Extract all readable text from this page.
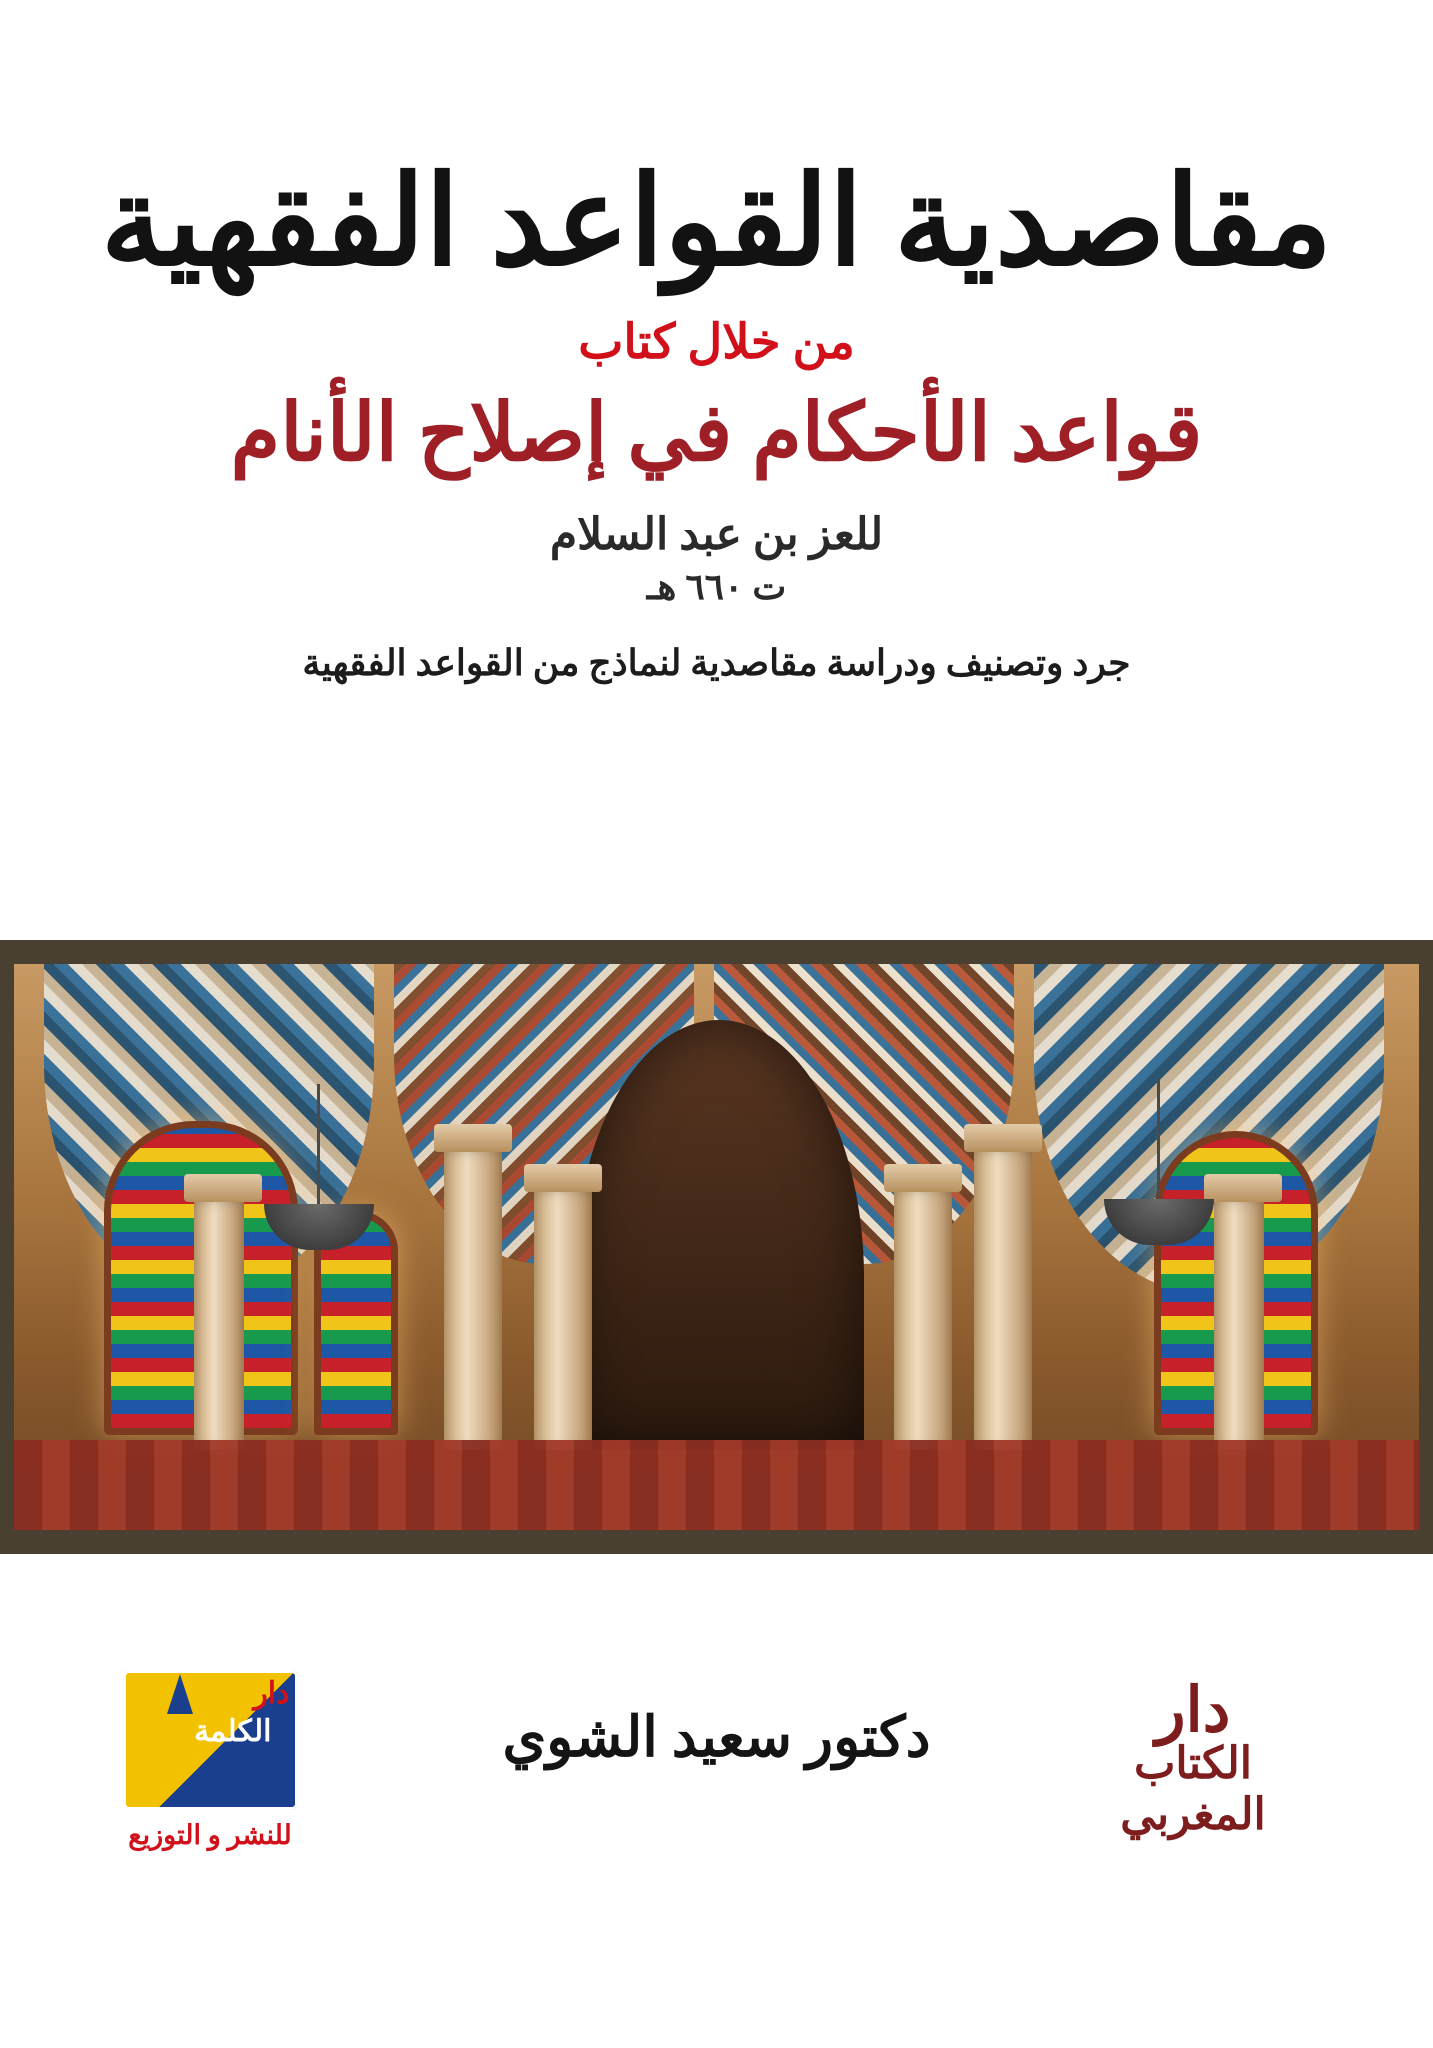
مقاصدية القواعد الفقهية
من خلال كتاب
قواعد الأحكام في إصلاح الأنام
للعز بن عبد السلام
ت ٦٦٠ هـ
جرد وتصنيف ودراسة مقاصدية لنماذج من القواعد الفقهية
دار
الكلمة
للنشر و التوزيع
دكتور سعيد الشوي	دار
الكتاب المغربي
